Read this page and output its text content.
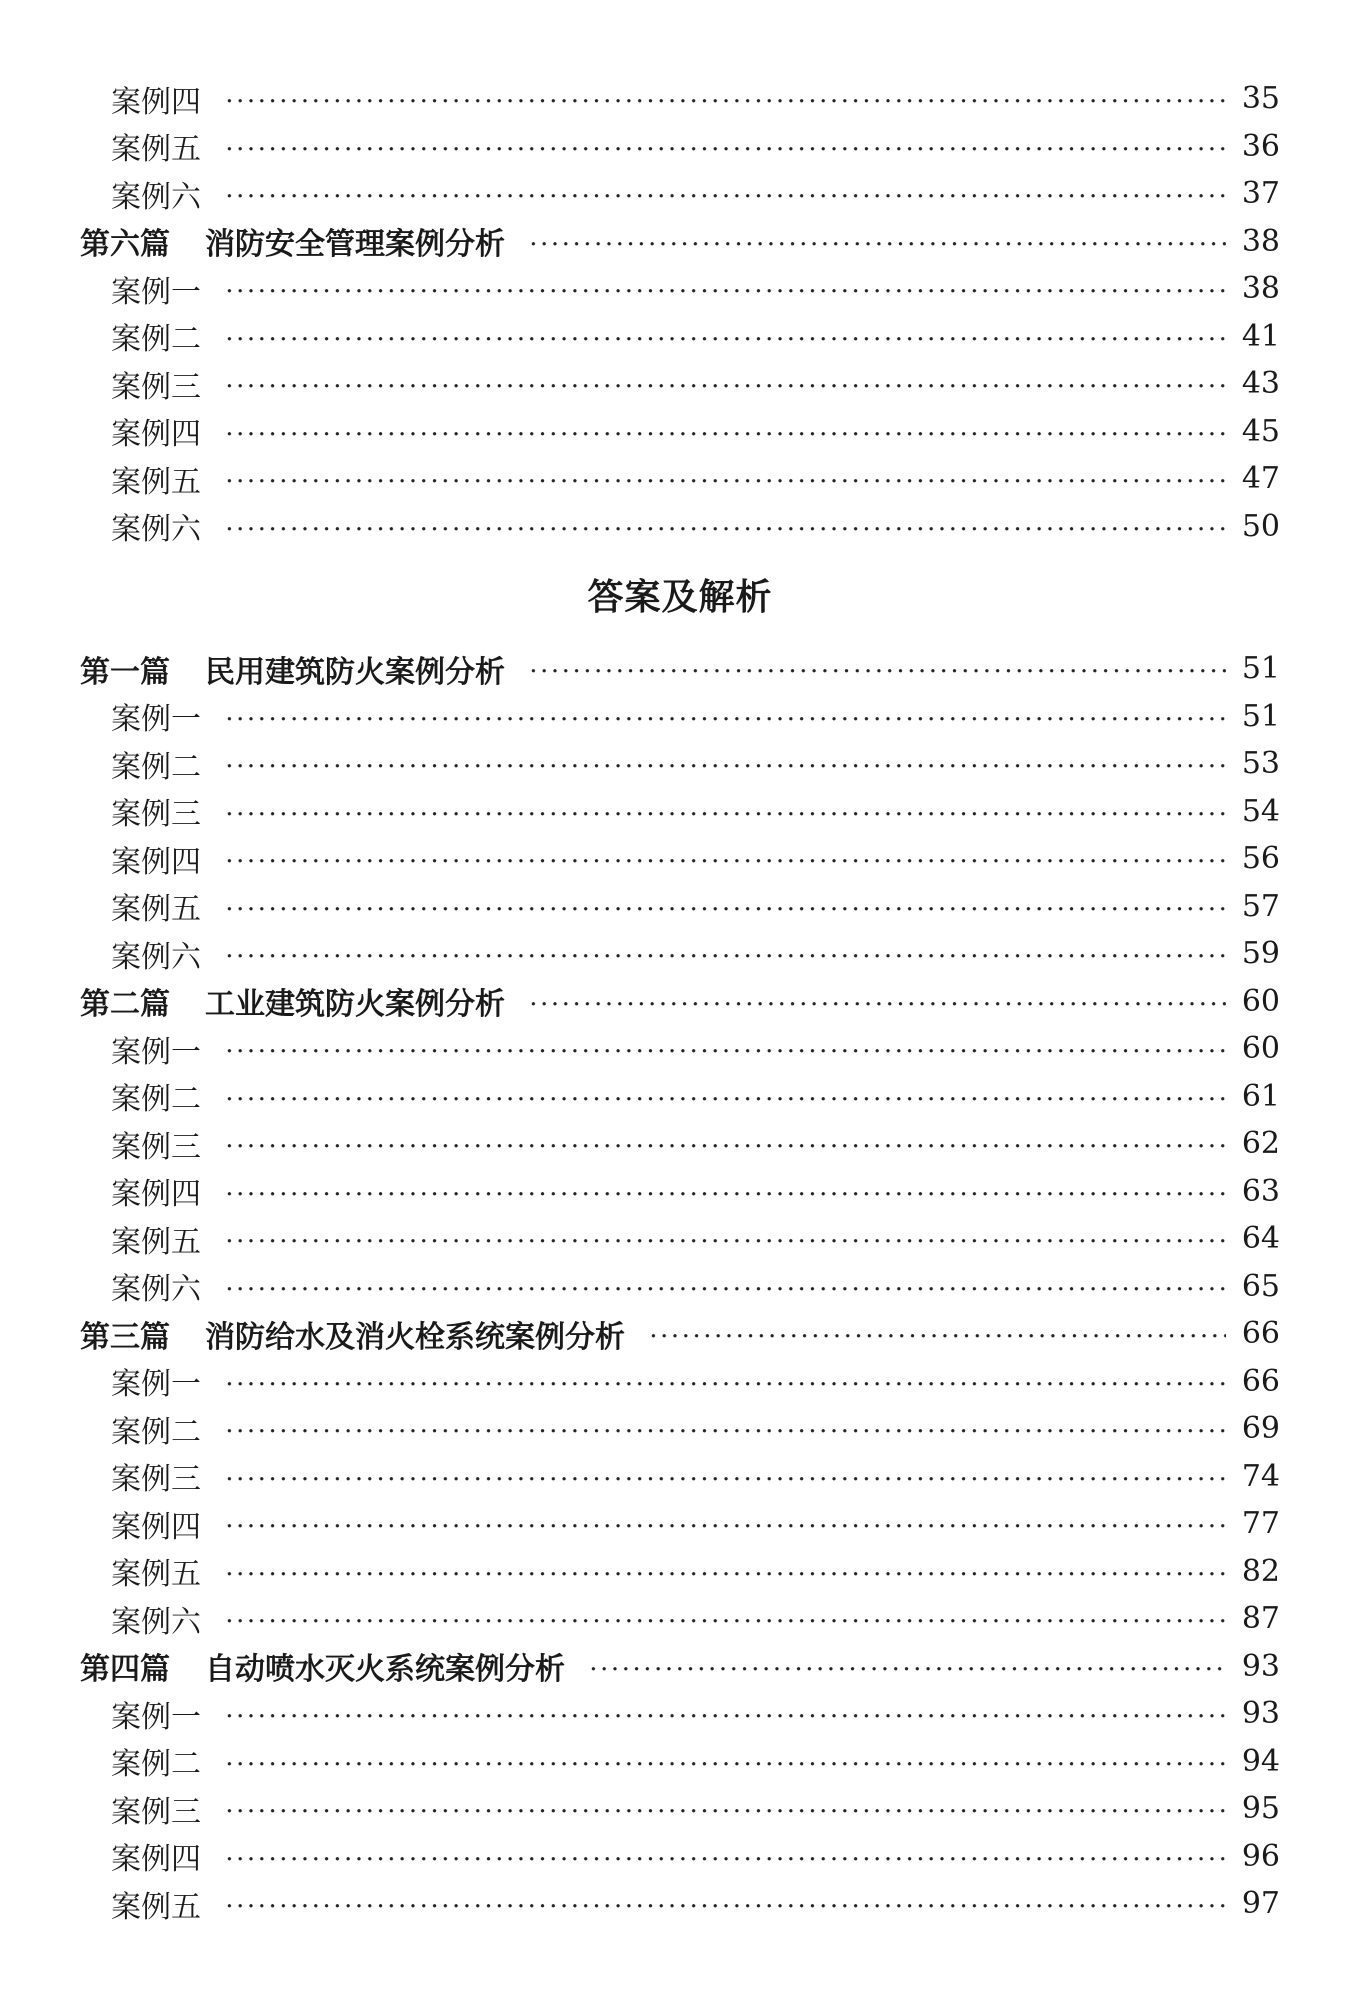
案例四	35
案例五	36
案例六	37
第六篇 消防安全管理案例分析	38
案例一	38
案例二	41
案例三	43
案例四	45
案例五	47
案例六	50
答案及解析
第一篇 民用建筑防火案例分析	51
案例一	51
案例二	53
案例三	54
案例四	56
案例五	57
案例六	59
第二篇 工业建筑防火案例分析	60
案例一	60
案例二	61
案例三	62
案例四	63
案例五	64
案例六	65
第三篇 消防给水及消火栓系统案例分析	66
案例一	66
案例二	69
案例三	74
案例四	77
案例五	82
案例六	87
第四篇 自动喷水灭火系统案例分析	93
案例一	93
案例二	94
案例三	95
案例四	96
案例五	97
